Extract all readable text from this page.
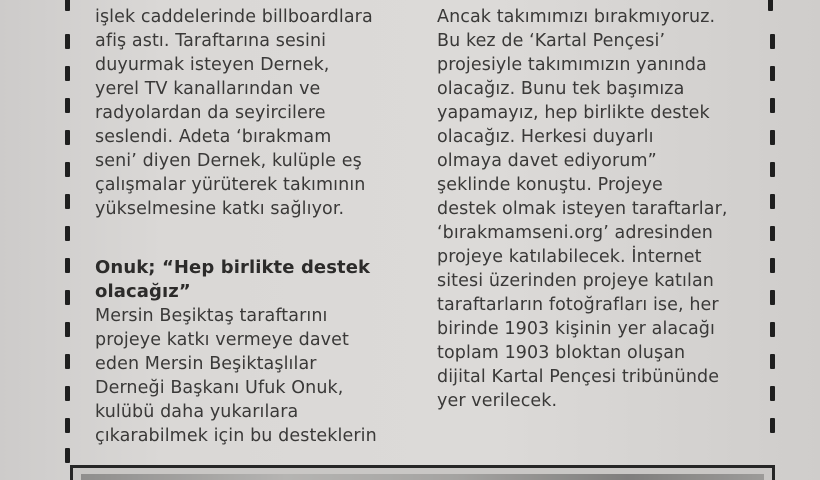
işlek caddelerinde billboardlara
afiş astı. Taraftarına sesini
duyurmak isteyen Dernek,
yerel TV kanallarından ve
radyolardan da seyircilere
seslendi. Adeta ‘bırakmam
seni’ diyen Dernek, kulüple eş
çalışmalar yürüterek takımının
yükselmesine katkı sağlıyor.
Onuk; “Hep birlikte destek
olacağız”
Mersin Beşiktaş taraftarını
projeye katkı vermeye davet
eden Mersin Beşiktaşlılar
Derneği Başkanı Ufuk Onuk,
kulübü daha yukarılara
çıkarabilmek için bu desteklerin
Ancak takımımızı bırakmıyoruz.
Bu kez de ‘Kartal Pençesi’
projesiyle takımımızın yanında
olacağız. Bunu tek başımıza
yapamayız, hep birlikte destek
olacağız. Herkesi duyarlı
olmaya davet ediyorum”
şeklinde konuştu. Projeye
destek olmak isteyen taraftarlar,
‘bırakmamseni.org’ adresinden
projeye katılabilecek. İnternet
sitesi üzerinden projeye katılan
taraftarların fotoğrafları ise, her
birinde 1903 kişinin yer alacağı
toplam 1903 bloktan oluşan
dijital Kartal Pençesi tribününde
yer verilecek.
